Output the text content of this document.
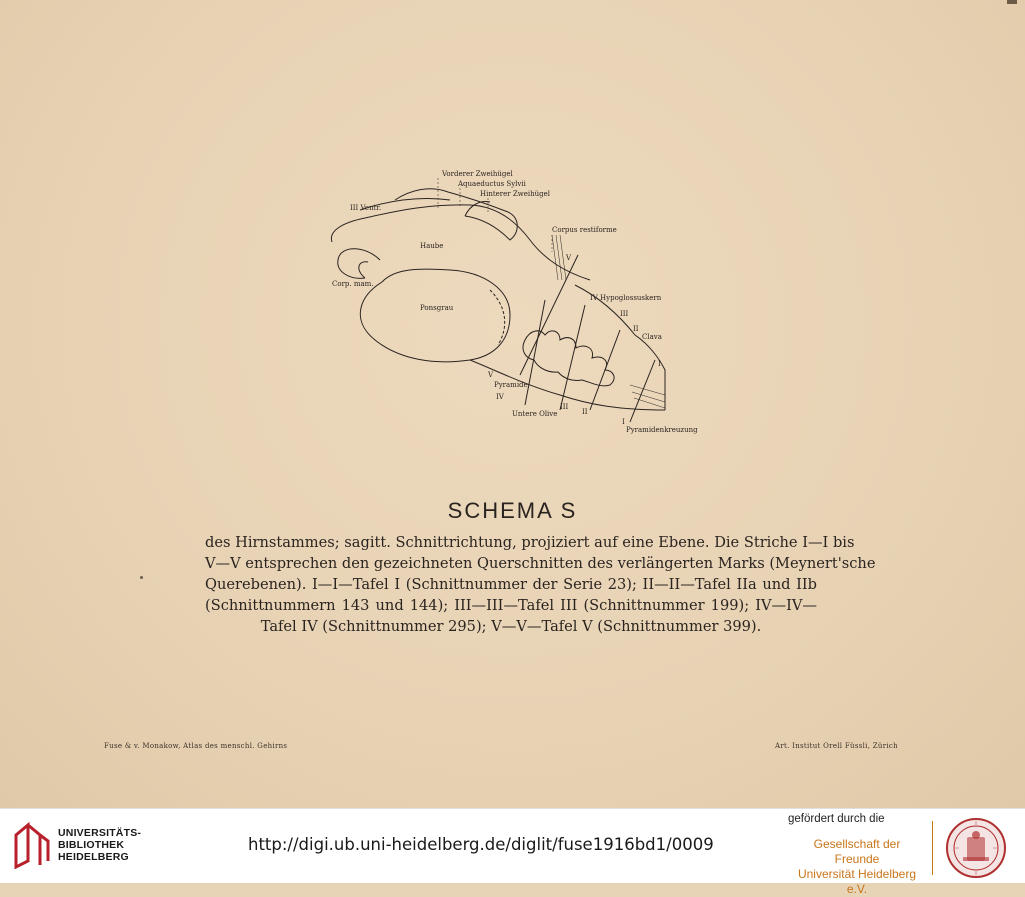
Vorderer Zweihügel
Aquaeductus Sylvii
Hinterer Zweihügel
III Ventr.
Corpus restiforme
Haube
V
Corp. mam.
IV Hypoglossuskern
Ponsgrau
III
II
Clava
I
V
Pyramide
IV
III
II
Untere Olive
I
Pyramidenkreuzung
SCHEMA S
des Hirnstammes; sagitt. Schnittrichtung, projiziert auf eine Ebene. Die Striche I—I bis
V—V entsprechen den gezeichneten Querschnitten des verlängerten Marks (Meynert'sche
Querebenen). I—I—Tafel I (Schnittnummer der Serie 23); II—II—Tafel IIa und IIb
(Schnittnummern 143 und 144); III—III—Tafel III (Schnittnummer 199); IV—IV—
Tafel IV (Schnittnummer 295); V—V—Tafel V (Schnittnummer 399).
Fuse & v. Monakow, Atlas des menschl. Gehirns	Art. Institut Orell Füssli, Zürich
UNIVERSITÄTS-
BIBLIOTHEK
HEIDELBERG
http://digi.ub.uni-heidelberg.de/diglit/fuse1916bd1/0009
gefördert durch die
Gesellschaft der Freunde
Universität Heidelberg e.V.
